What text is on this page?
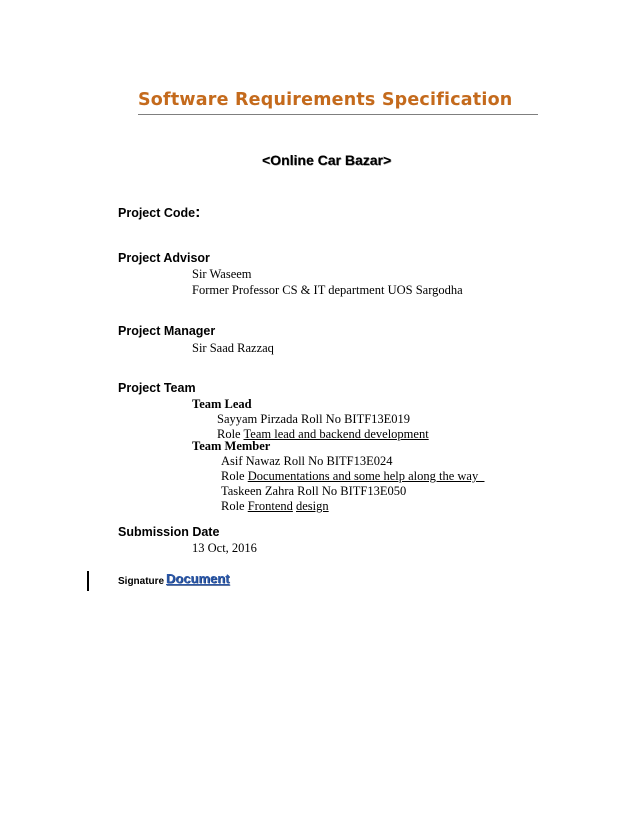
Software Requirements Specification
<Online Car Bazar>
Project Code:
Project Advisor
Sir Waseem
Former Professor CS & IT department UOS Sargodha
Project Manager
Sir Saad Razzaq
Project Team
Team Lead
Sayyam Pirzada Roll No BITF13E019
Role Team lead and backend development
Team Member
Asif Nawaz Roll No BITF13E024
Role Documentations and some help along the way
Taskeen Zahra Roll No BITF13E050
Role Frontend design
Submission Date
13 Oct, 2016
Signature Document
